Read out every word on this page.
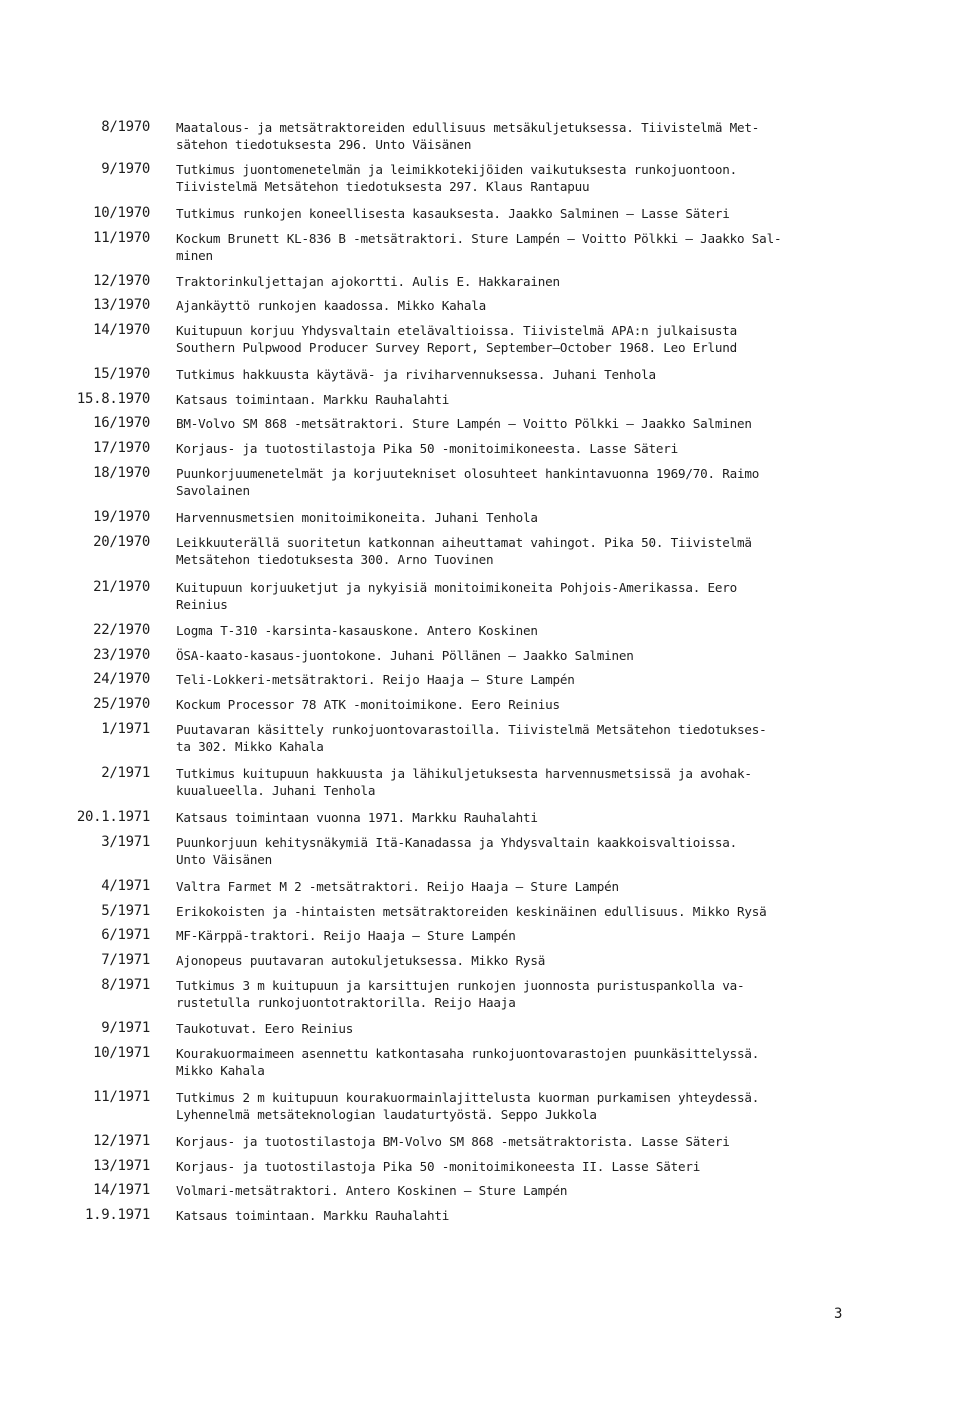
8/1970 Maatalous- ja metsätraktoreiden edullisuus metsäkuljetuksessa. Tiivistelmä Met-
sätehon tiedotuksesta 296. Unto Väisänen
9/1970 Tutkimus juontomenetelmän ja leimikkotekijöiden vaikutuksesta runkojuontoon.
Tiivistelmä Metsätehon tiedotuksesta 297. Klaus Rantapuu
10/1970 Tutkimus runkojen koneellisesta kasauksesta. Jaakko Salminen — Lasse Säteri
11/1970 Kockum Brunett KL-836 B -metsätraktori. Sture Lampén — Voitto Pölkki — Jaakko Sal-
minen
12/1970 Traktorinkuljettajan ajokortti. Aulis E. Hakkarainen
13/1970 Ajankäyttö runkojen kaadossa. Mikko Kahala
14/1970 Kuitupuun korjuu Yhdysvaltain etelävaltioissa. Tiivistelmä APA:n julkaisusta
Southern Pulpwood Producer Survey Report, September—October 1968. Leo Erlund
15/1970 Tutkimus hakkuusta käytävä- ja riviharvennuksessa. Juhani Tenhola
15.8.1970 Katsaus toimintaan. Markku Rauhalahti
16/1970 BM-Volvo SM 868 -metsätraktori. Sture Lampén — Voitto Pölkki — Jaakko Salminen
17/1970 Korjaus- ja tuotostilastoja Pika 50 -monitoimikoneesta. Lasse Säteri
18/1970 Puunkorjuumenetelmät ja korjuutekniset olosuhteet hankintavuonna 1969/70. Raimo
Savolainen
19/1970 Harvennusmetsien monitoimikoneita. Juhani Tenhola
20/1970 Leikkuuterällä suoritetun katkonnan aiheuttamat vahingot. Pika 50. Tiivistelmä
Metsätehon tiedotuksesta 300. Arno Tuovinen
21/1970 Kuitupuun korjuuketjut ja nykyisiä monitoimikoneita Pohjois-Amerikassa. Eero
Reinius
22/1970 Logma T-310 -karsinta-kasauskone. Antero Koskinen
23/1970 ÖSA-kaato-kasaus-juontokone. Juhani Pöllänen — Jaakko Salminen
24/1970 Teli-Lokkeri-metsätraktori. Reijo Haaja — Sture Lampén
25/1970 Kockum Processor 78 ATK -monitoimikone. Eero Reinius
1/1971 Puutavaran käsittely runkojuontovarastoilla. Tiivistelmä Metsätehon tiedotukses-
ta 302. Mikko Kahala
2/1971 Tutkimus kuitupuun hakkuusta ja lähikuljetuksesta harvennusmetsissä ja avohak-
kuualueella. Juhani Tenhola
20.1.1971 Katsaus toimintaan vuonna 1971. Markku Rauhalahti
3/1971 Puunkorjuun kehitysnäkymiä Itä-Kanadassa ja Yhdysvaltain kaakkoisvaltioissa.
Unto Väisänen
4/1971 Valtra Farmet M 2 -metsätraktori. Reijo Haaja — Sture Lampén
5/1971 Erikokoisten ja -hintaisten metsätraktoreiden keskinäinen edullisuus. Mikko Rysä
6/1971 MF-Kärppä-traktori. Reijo Haaja — Sture Lampén
7/1971 Ajonopeus puutavaran autokuljetuksessa. Mikko Rysä
8/1971 Tutkimus 3 m kuitupuun ja karsittujen runkojen juonnosta puristuspankolla va-
rustetulla runkojuontotraktorilla. Reijo Haaja
9/1971 Taukotuvat. Eero Reinius
10/1971 Kourakuormaimeen asennettu katkontasaha runkojuontovarastojen puunkäsittelyssä.
Mikko Kahala
11/1971 Tutkimus 2 m kuitupuun kourakuormainlajittelusta kuorman purkamisen yhteydessä.
Lyhennelmä metsäteknologian laudaturtyöstä. Seppo Jukkola
12/1971 Korjaus- ja tuotostilastoja BM-Volvo SM 868 -metsätraktorista. Lasse Säteri
13/1971 Korjaus- ja tuotostilastoja Pika 50 -monitoimikoneesta II. Lasse Säteri
14/1971 Volmari-metsätraktori. Antero Koskinen — Sture Lampén
1.9.1971 Katsaus toimintaan. Markku Rauhalahti
3
